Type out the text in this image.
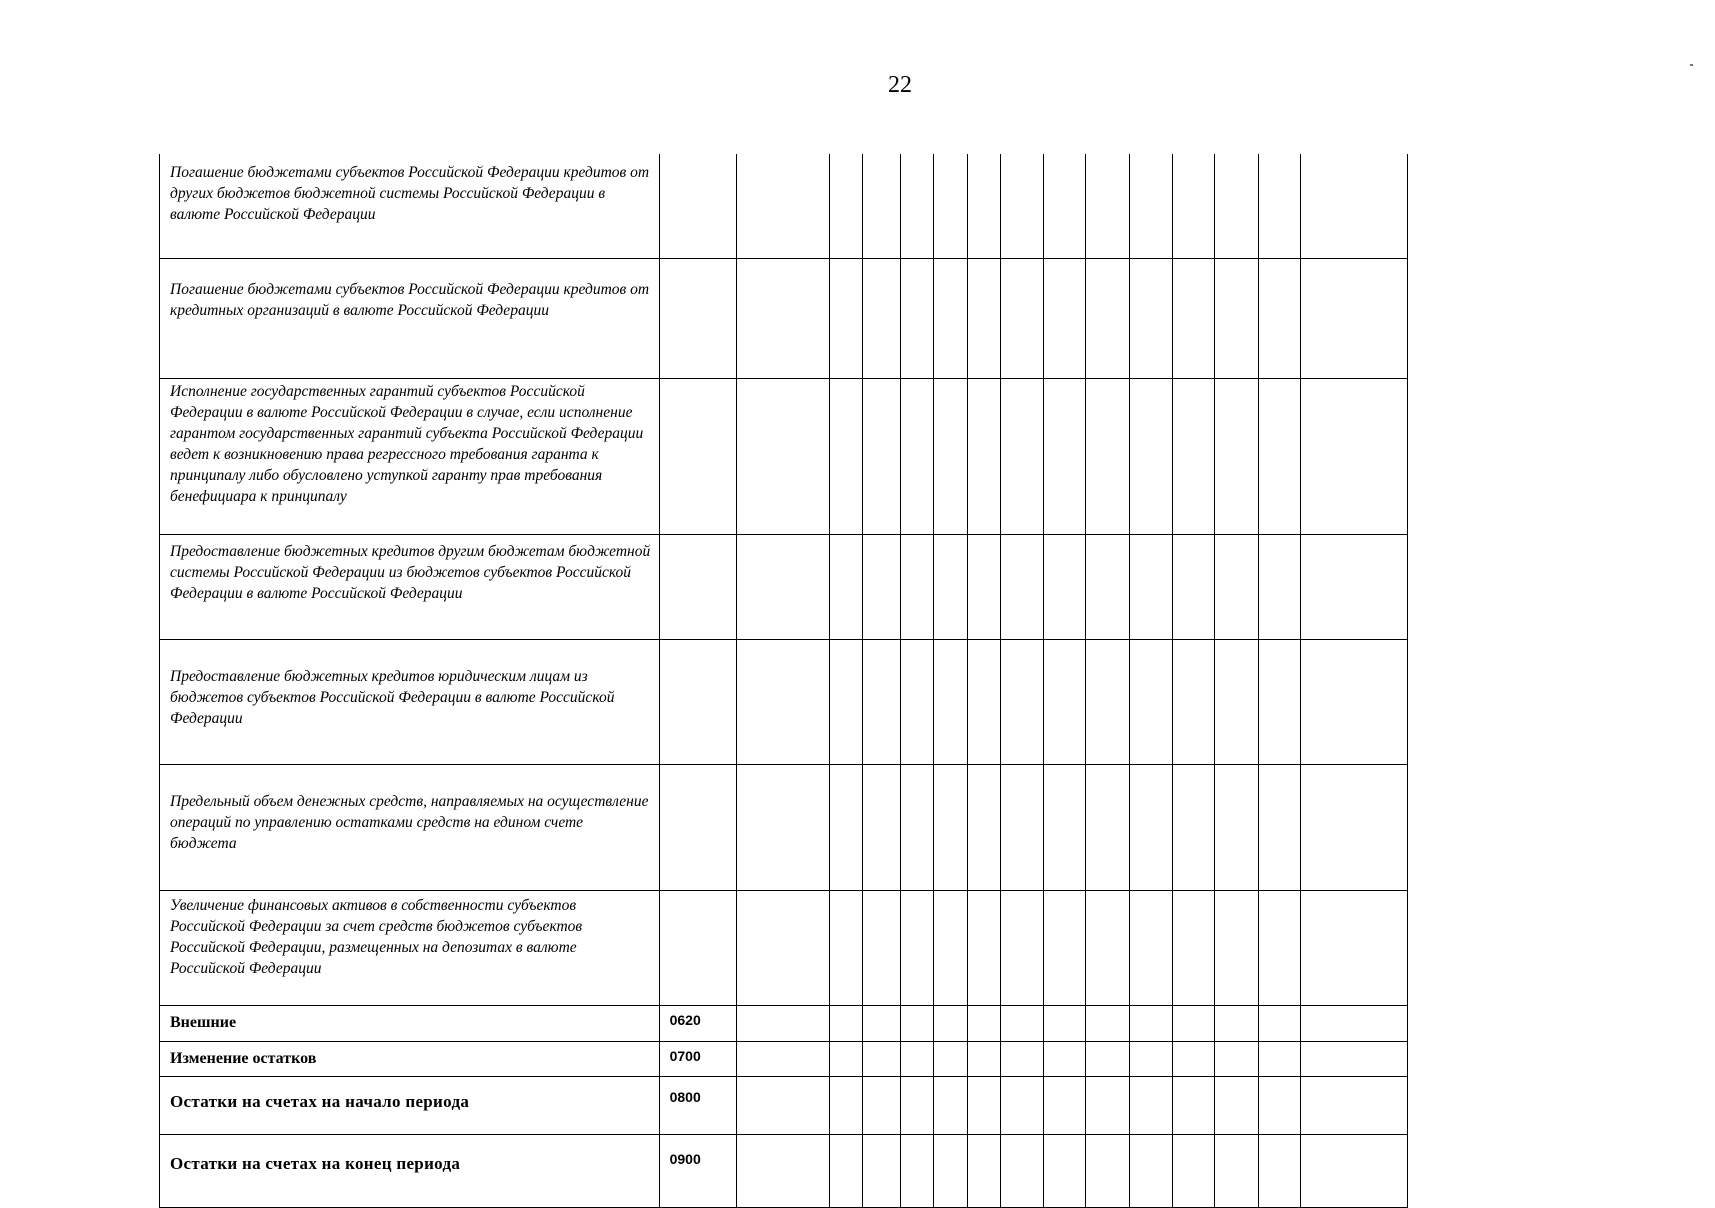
22
Погашение бюджетами субъектов Российской Федерации кредитов от других бюджетов бюджетной системы Российской Федерации в валюте Российской Федерации															
Погашение бюджетами субъектов Российской Федерации кредитов от кредитных организаций в валюте Российской Федерации															
Исполнение государственных гарантий субъектов Российской Федерации в валюте Российской Федерации в случае, если исполнение гарантом государственных гарантий субъекта Российской Федерации ведет к возникновению права регрессного требования гаранта к принципалу либо обусловлено уступкой гаранту прав требования бенефициара к принципалу															
Предоставление бюджетных кредитов другим бюджетам бюджетной системы Российской Федерации из бюджетов субъектов Российской Федерации в валюте Российской Федерации															
Предоставление бюджетных кредитов юридическим лицам из бюджетов субъектов Российской Федерации в валюте Российской Федерации															
Предельный объем денежных средств, направляемых на осуществление операций по управлению остатками средств на едином счете бюджета															
Увеличение финансовых активов в собственности субъектов Российской Федерации за счет средств бюджетов субъектов Российской Федерации, размещенных на депозитах в валюте Российской Федерации															
Внешние	0620														
Изменение остатков	0700														
Остатки на счетах на начало периода	0800														
Остатки на счетах на конец периода	0900														
